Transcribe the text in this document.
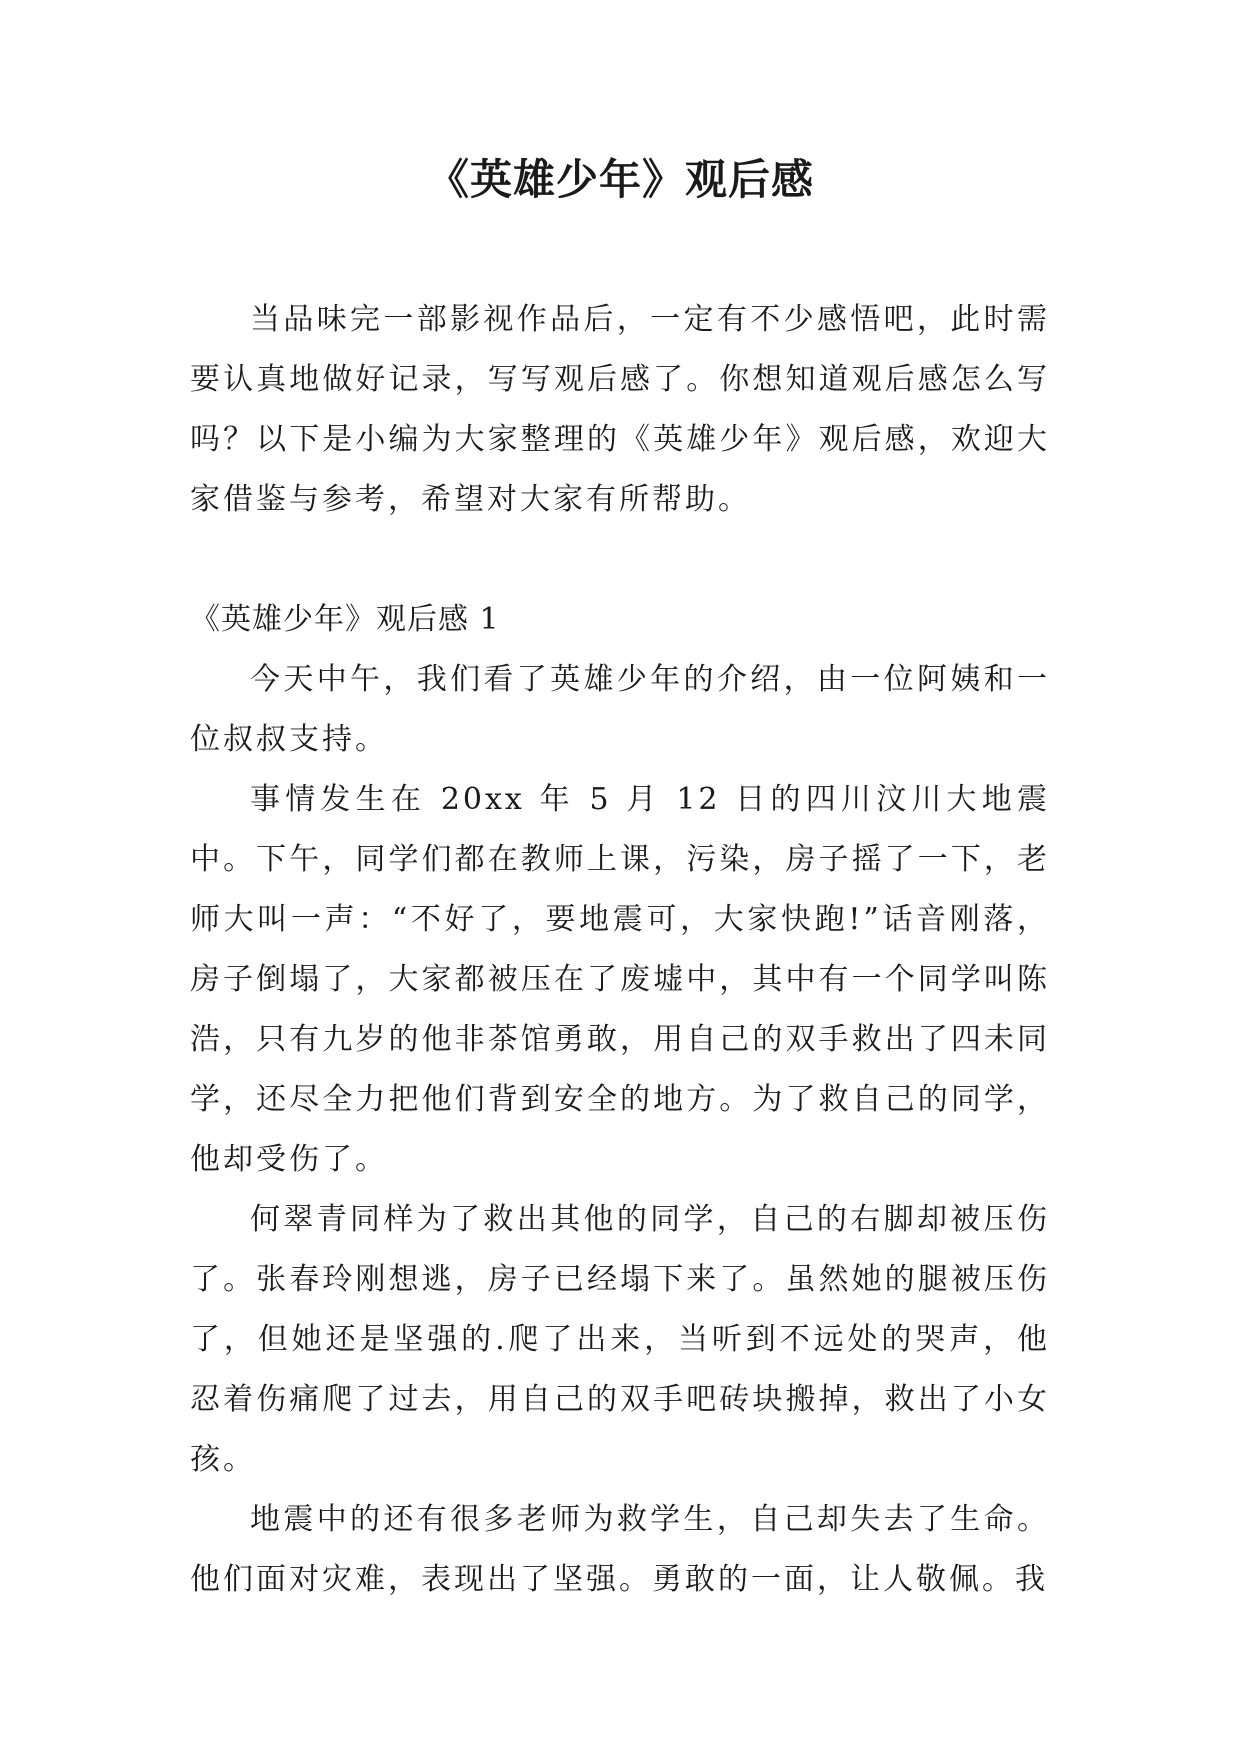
《英雄少年》观后感

当品味完一部影视作品后，一定有不少感悟吧，此时需要认真地做好记录，写写观后感了。你想知道观后感怎么写吗？以下是小编为大家整理的《英雄少年》观后感，欢迎大家借鉴与参考，希望对大家有所帮助。

《英雄少年》观后感 1

今天中午，我们看了英雄少年的介绍，由一位阿姨和一位叔叔支持。

事情发生在 20xx 年 5 月 12 日的四川汶川大地震中。下午，同学们都在教师上课，污染，房子摇了一下，老师大叫一声：“不好了，要地震可，大家快跑!”话音刚落，房子倒塌了，大家都被压在了废墟中，其中有一个同学叫陈浩，只有九岁的他非茶馆勇敢，用自己的双手救出了四未同学，还尽全力把他们背到安全的地方。为了救自己的同学，他却受伤了。

何翠青同样为了救出其他的同学，自己的右脚却被压伤了。张春玲刚想逃，房子已经塌下来了。虽然她的腿被压伤了，但她还是坚强的.爬了出来，当听到不远处的哭声，他忍着伤痛爬了过去，用自己的双手吧砖块搬掉，救出了小女孩。

地震中的还有很多老师为救学生，自己却失去了生命。他们面对灾难，表现出了坚强。勇敢的一面，让人敬佩。我
